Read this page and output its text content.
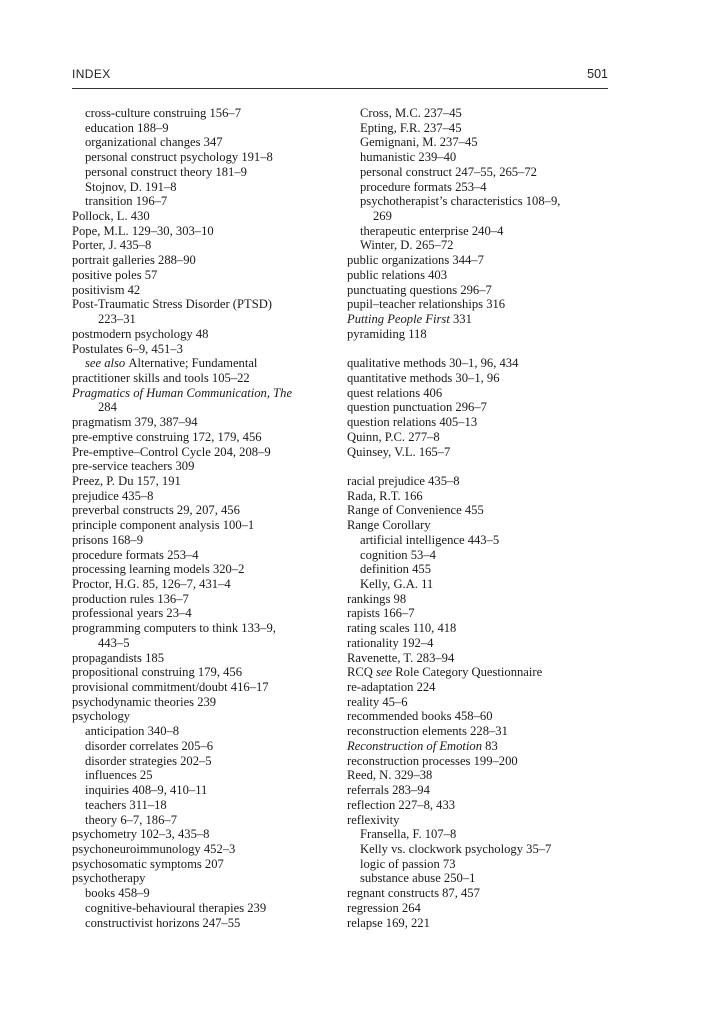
INDEX	501
cross-culture construing 156–7
education 188–9
organizational changes 347
personal construct psychology 191–8
personal construct theory 181–9
Stojnov, D. 191–8
transition 196–7
Pollock, L. 430
Pope, M.L. 129–30, 303–10
Porter, J. 435–8
portrait galleries 288–90
positive poles 57
positivism 42
Post-Traumatic Stress Disorder (PTSD)
223–31
postmodern psychology 48
Postulates 6–9, 451–3
see also Alternative; Fundamental
practitioner skills and tools 105–22
Pragmatics of Human Communication, The
284
pragmatism 379, 387–94
pre-emptive construing 172, 179, 456
Pre-emptive–Control Cycle 204, 208–9
pre-service teachers 309
Preez, P. Du 157, 191
prejudice 435–8
preverbal constructs 29, 207, 456
principle component analysis 100–1
prisons 168–9
procedure formats 253–4
processing learning models 320–2
Proctor, H.G. 85, 126–7, 431–4
production rules 136–7
professional years 23–4
programming computers to think 133–9,
443–5
propagandists 185
propositional construing 179, 456
provisional commitment/doubt 416–17
psychodynamic theories 239
psychology
anticipation 340–8
disorder correlates 205–6
disorder strategies 202–5
influences 25
inquiries 408–9, 410–11
teachers 311–18
theory 6–7, 186–7
psychometry 102–3, 435–8
psychoneuroimmunology 452–3
psychosomatic symptoms 207
psychotherapy
books 458–9
cognitive-behavioural therapies 239
constructivist horizons 247–55
Cross, M.C. 237–45
Epting, F.R. 237–45
Gemignani, M. 237–45
humanistic 239–40
personal construct 247–55, 265–72
procedure formats 253–4
psychotherapist’s characteristics 108–9,
269
therapeutic enterprise 240–4
Winter, D. 265–72
public organizations 344–7
public relations 403
punctuating questions 296–7
pupil–teacher relationships 316
Putting People First 331
pyramiding 118
qualitative methods 30–1, 96, 434
quantitative methods 30–1, 96
quest relations 406
question punctuation 296–7
question relations 405–13
Quinn, P.C. 277–8
Quinsey, V.L. 165–7
racial prejudice 435–8
Rada, R.T. 166
Range of Convenience 455
Range Corollary
artificial intelligence 443–5
cognition 53–4
definition 455
Kelly, G.A. 11
rankings 98
rapists 166–7
rating scales 110, 418
rationality 192–4
Ravenette, T. 283–94
RCQ see Role Category Questionnaire
re-adaptation 224
reality 45–6
recommended books 458–60
reconstruction elements 228–31
Reconstruction of Emotion 83
reconstruction processes 199–200
Reed, N. 329–38
referrals 283–94
reflection 227–8, 433
reflexivity
Fransella, F. 107–8
Kelly vs. clockwork psychology 35–7
logic of passion 73
substance abuse 250–1
regnant constructs 87, 457
regression 264
relapse 169, 221
